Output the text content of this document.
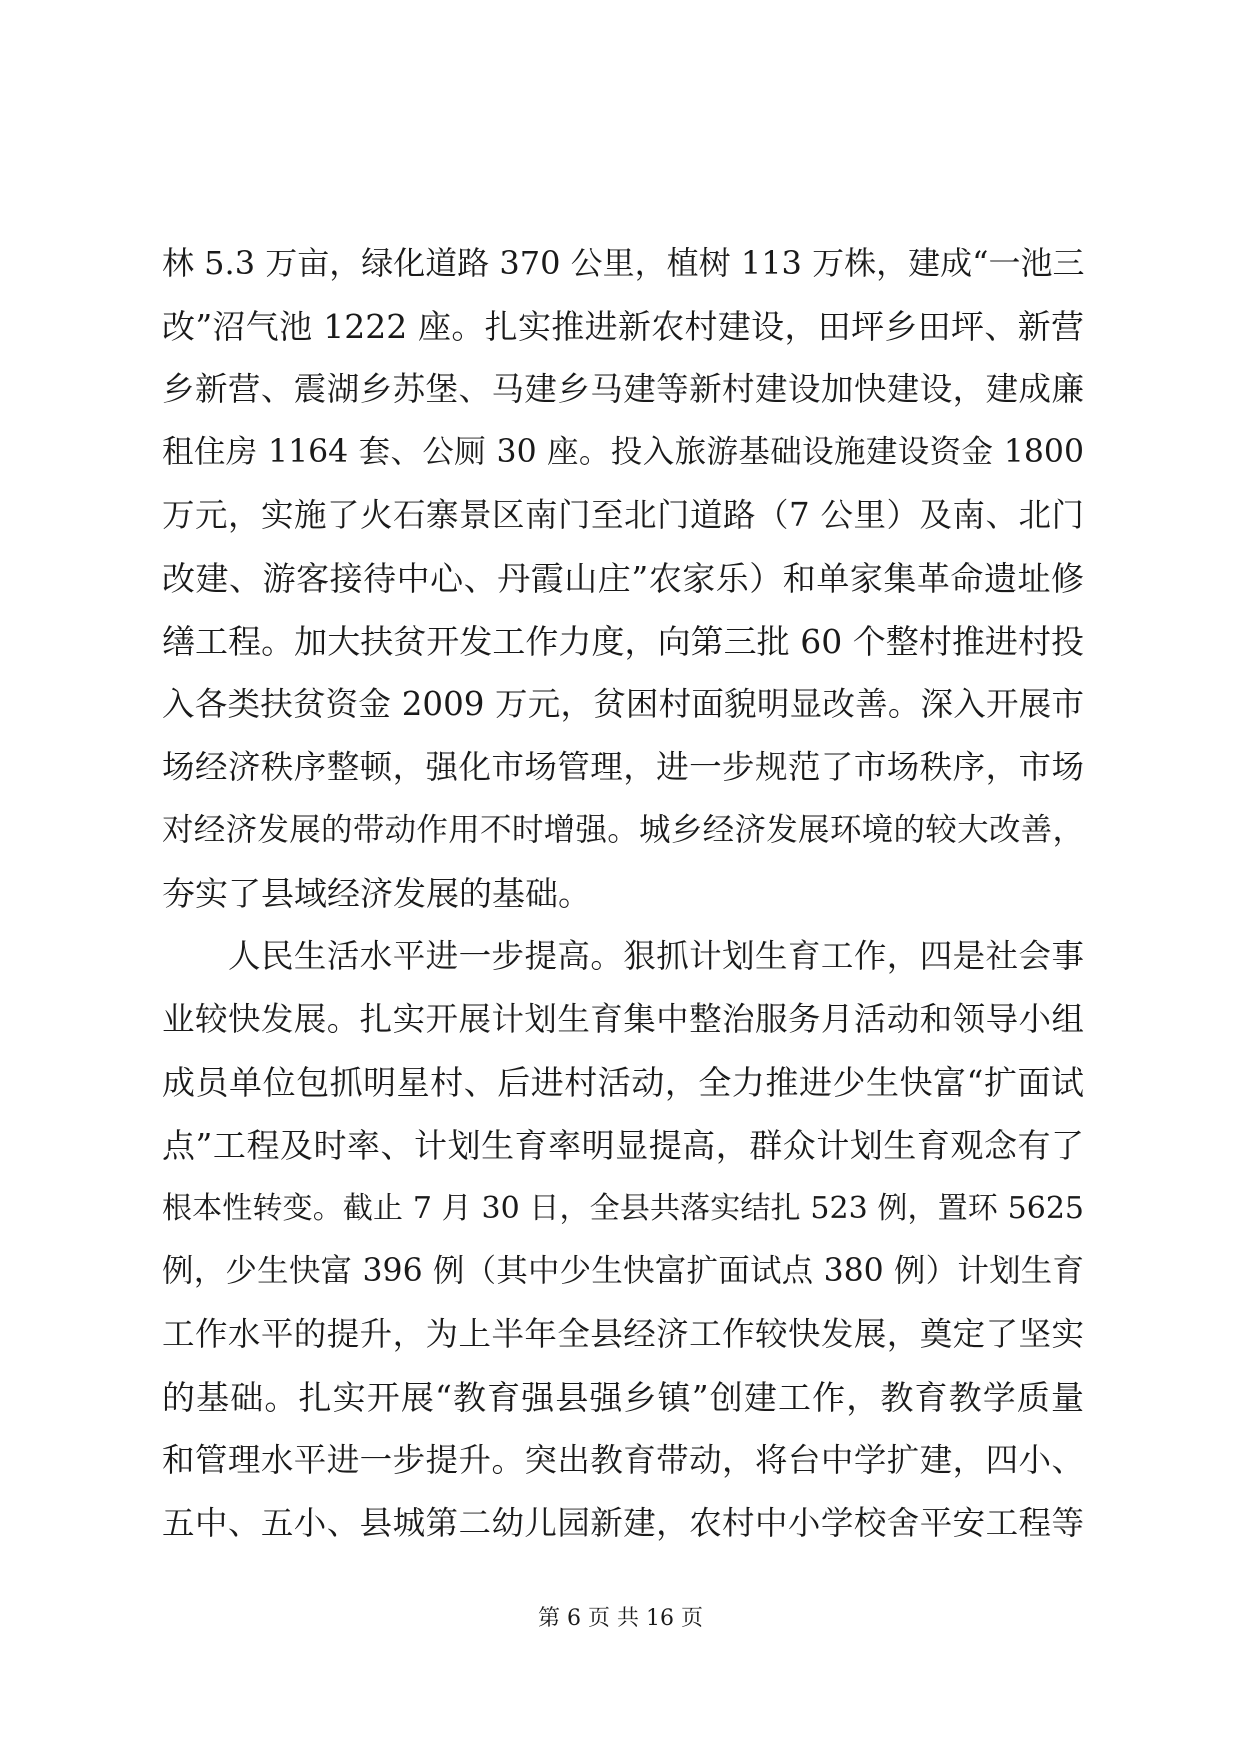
林 5.3 万亩，绿化道路 370 公里，植树 113 万株，建成“一池三
改”沼气池 1222 座。扎实推进新农村建设，田坪乡田坪、新营
乡新营、震湖乡苏堡、马建乡马建等新村建设加快建设，建成廉
租住房 1164 套、公厕 30 座。投入旅游基础设施建设资金 1800
万元，实施了火石寨景区南门至北门道路（7 公里）及南、北门
改建、游客接待中心、丹霞山庄”农家乐）和单家集革命遗址修
缮工程。加大扶贫开发工作力度，向第三批 60 个整村推进村投
入各类扶贫资金 2009 万元，贫困村面貌明显改善。深入开展市
场经济秩序整顿，强化市场管理，进一步规范了市场秩序，市场
对经济发展的带动作用不时增强。城乡经济发展环境的较大改善，
夯实了县域经济发展的基础。
人民生活水平进一步提高。狠抓计划生育工作，四是社会事
业较快发展。扎实开展计划生育集中整治服务月活动和领导小组
成员单位包抓明星村、后进村活动，全力推进少生快富“扩面试
点”工程及时率、计划生育率明显提高，群众计划生育观念有了
根本性转变。截止 7 月 30 日，全县共落实结扎 523 例，置环 5625
例，少生快富 396 例（其中少生快富扩面试点 380 例）计划生育
工作水平的提升，为上半年全县经济工作较快发展，奠定了坚实
的基础。扎实开展“教育强县强乡镇”创建工作，教育教学质量
和管理水平进一步提升。突出教育带动，将台中学扩建，四小、
五中、五小、县城第二幼儿园新建，农村中小学校舍平安工程等
第 6 页 共 16 页
